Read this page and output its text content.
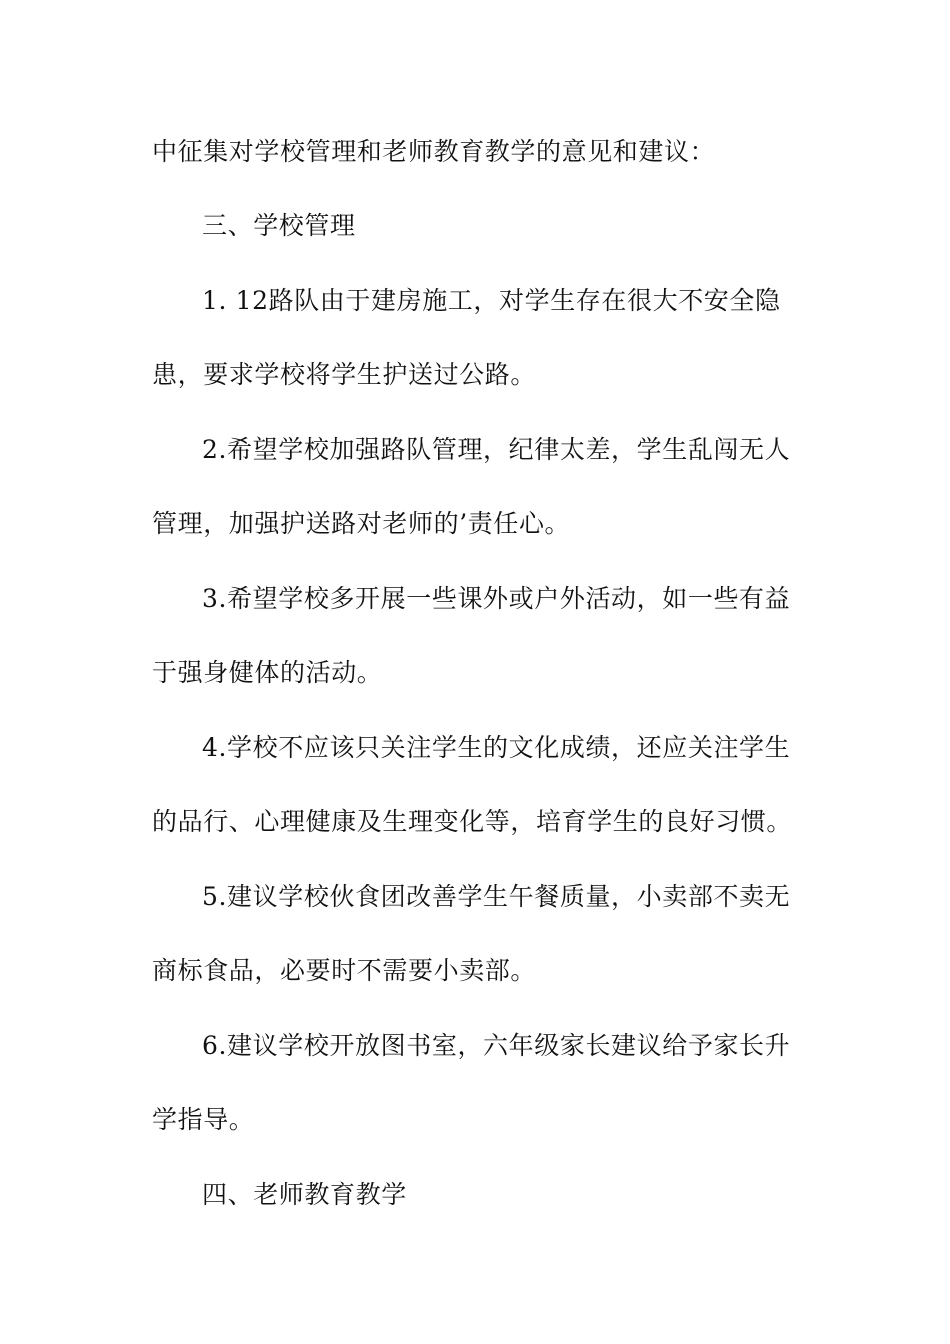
中征集对学校管理和老师教育教学的意见和建议：
三、学校管理
1. 12路队由于建房施工，对学生存在很大不安全隐
患，要求学校将学生护送过公路。
2.希望学校加强路队管理，纪律太差，学生乱闯无人
管理，加强护送路对老师的’责任心。
3.希望学校多开展一些课外或户外活动，如一些有益
于强身健体的活动。
4.学校不应该只关注学生的文化成绩，还应关注学生
的品行、心理健康及生理变化等，培育学生的良好习惯。
5.建议学校伙食团改善学生午餐质量，小卖部不卖无
商标食品，必要时不需要小卖部。
6.建议学校开放图书室，六年级家长建议给予家长升
学指导。
四、老师教育教学
